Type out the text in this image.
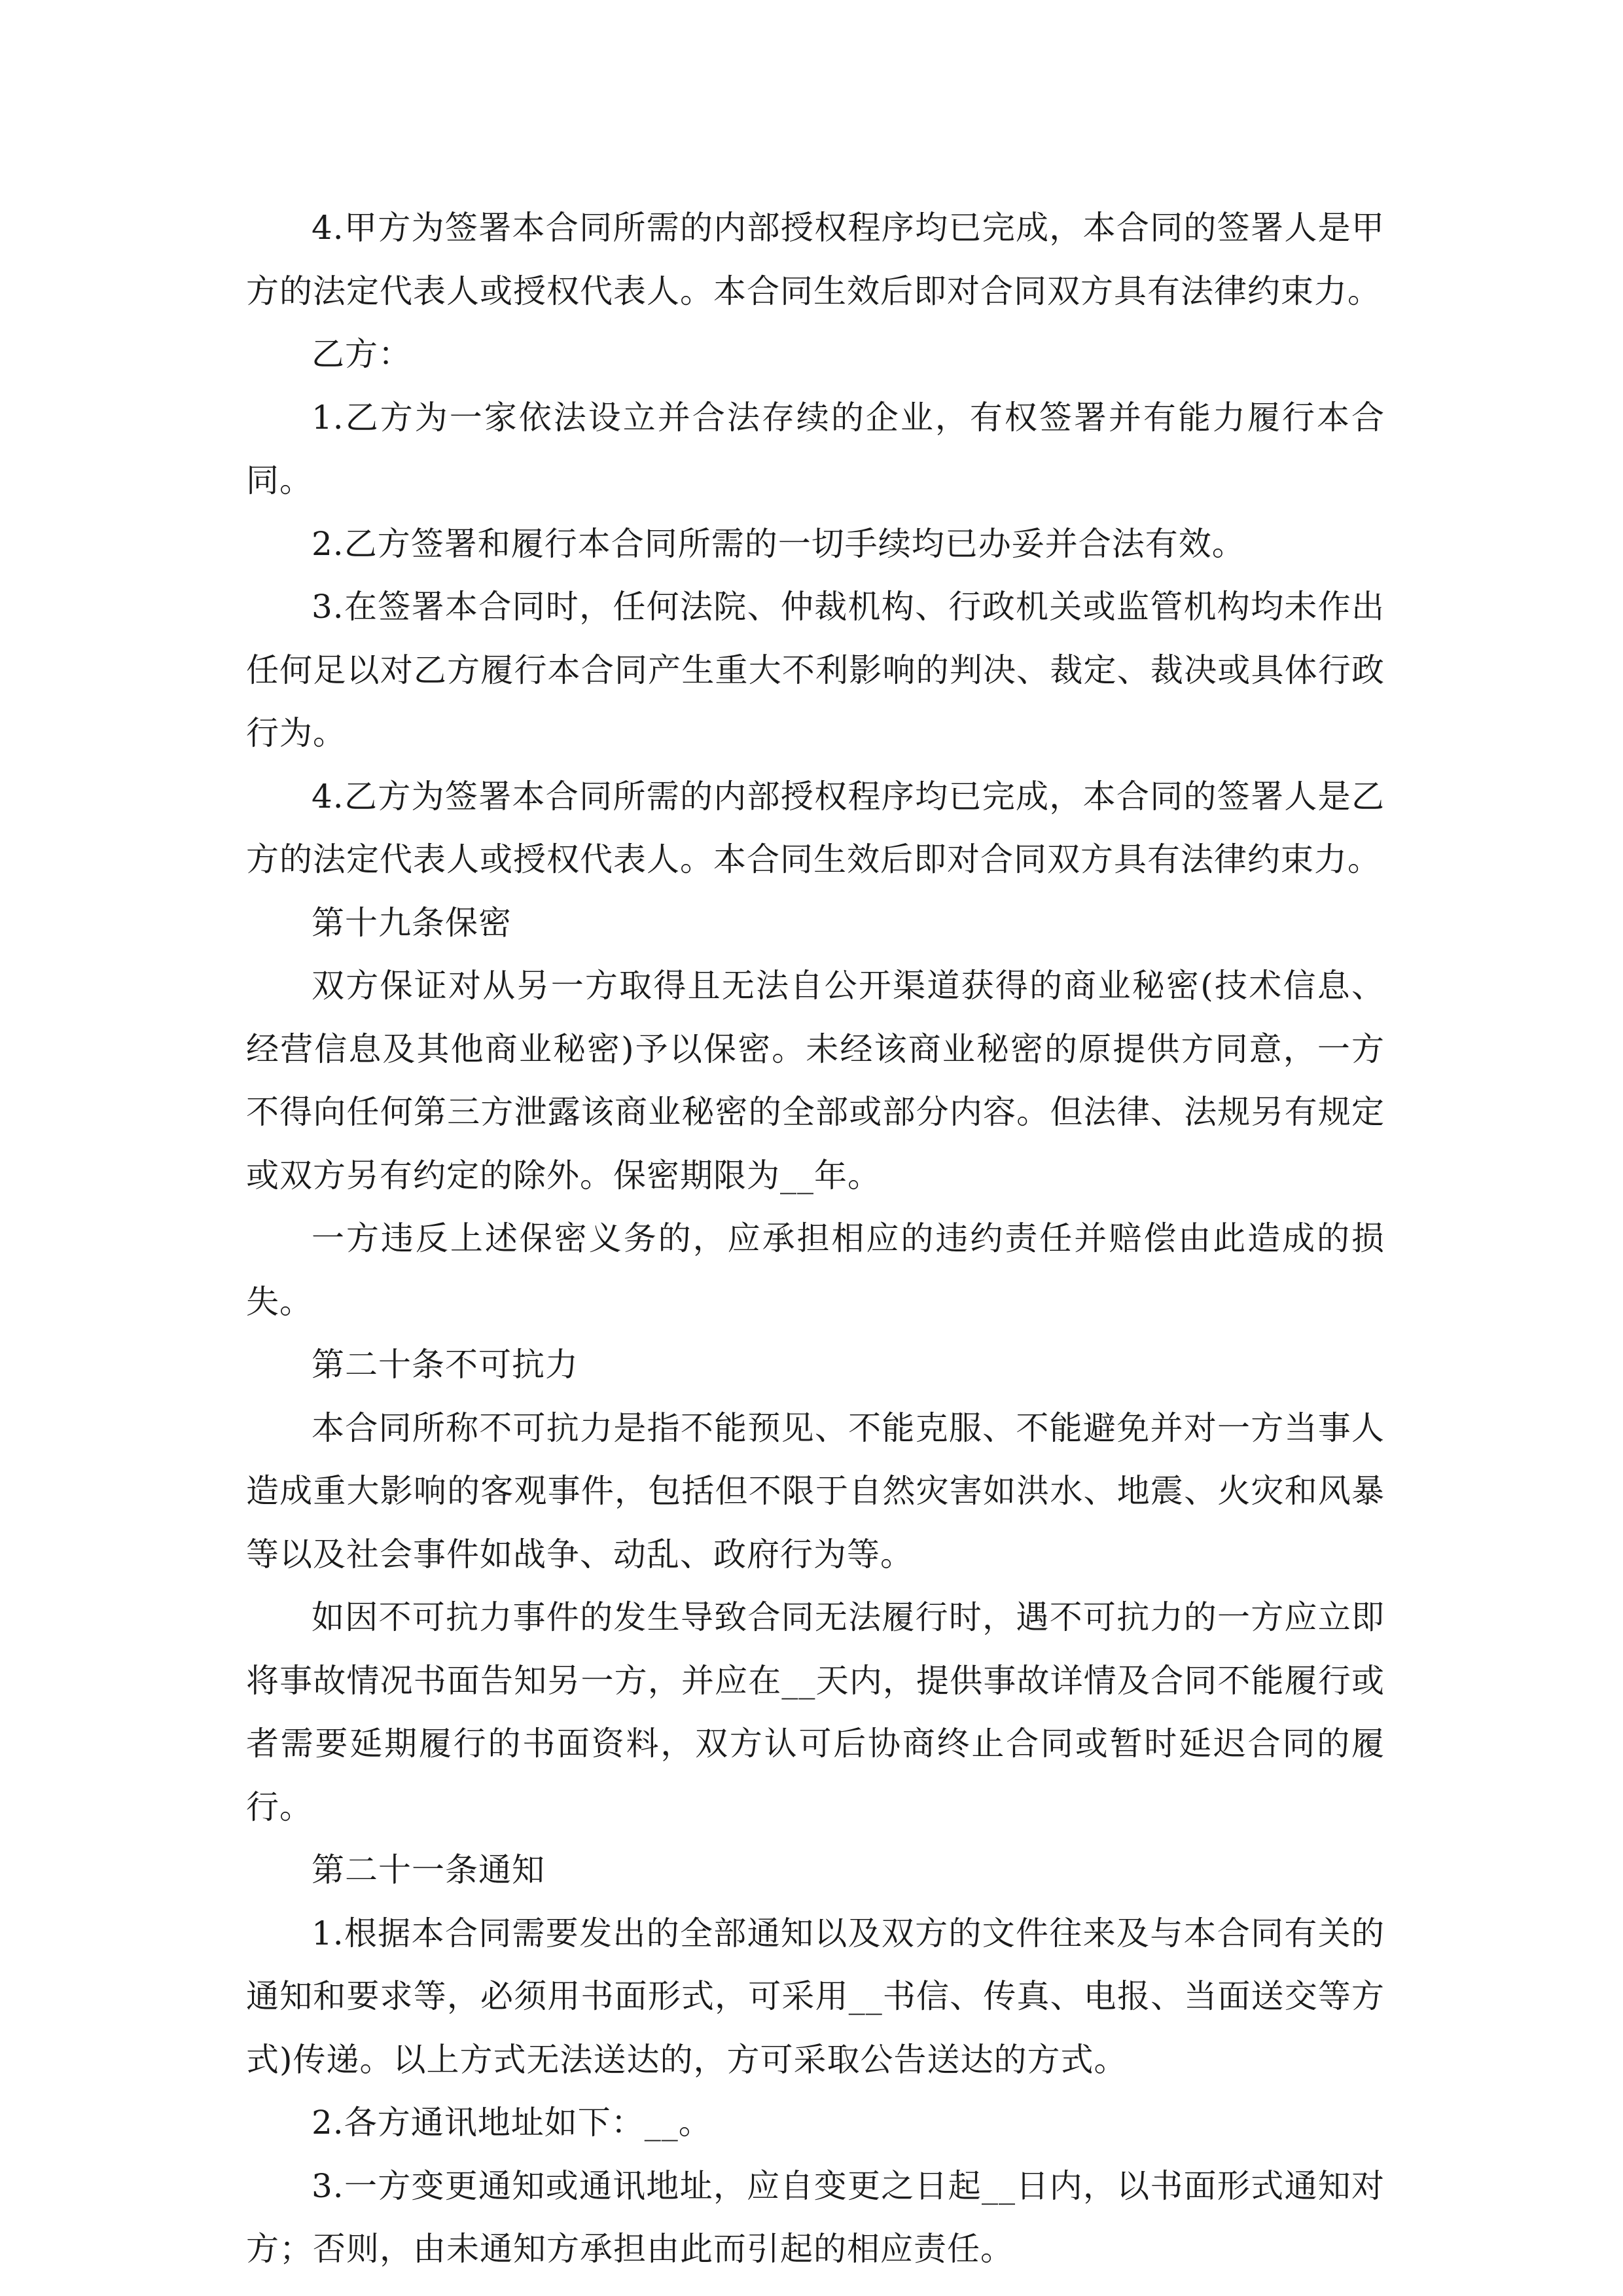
4.甲方为签署本合同所需的内部授权程序均已完成，本合同的签署人是甲方的法定代表人或授权代表人。本合同生效后即对合同双方具有法律约束力。

乙方：

1.乙方为一家依法设立并合法存续的企业，有权签署并有能力履行本合同。

2.乙方签署和履行本合同所需的一切手续均已办妥并合法有效。

3.在签署本合同时，任何法院、仲裁机构、行政机关或监管机构均未作出任何足以对乙方履行本合同产生重大不利影响的判决、裁定、裁决或具体行政行为。

4.乙方为签署本合同所需的内部授权程序均已完成，本合同的签署人是乙方的法定代表人或授权代表人。本合同生效后即对合同双方具有法律约束力。

第十九条保密

双方保证对从另一方取得且无法自公开渠道获得的商业秘密(技术信息、经营信息及其他商业秘密)予以保密。未经该商业秘密的原提供方同意，一方不得向任何第三方泄露该商业秘密的全部或部分内容。但法律、法规另有规定或双方另有约定的除外。保密期限为__年。

一方违反上述保密义务的，应承担相应的违约责任并赔偿由此造成的损失。

第二十条不可抗力

本合同所称不可抗力是指不能预见、不能克服、不能避免并对一方当事人造成重大影响的客观事件，包括但不限于自然灾害如洪水、地震、火灾和风暴等以及社会事件如战争、动乱、政府行为等。

如因不可抗力事件的发生导致合同无法履行时，遇不可抗力的一方应立即将事故情况书面告知另一方，并应在__天内，提供事故详情及合同不能履行或者需要延期履行的书面资料，双方认可后协商终止合同或暂时延迟合同的履行。

第二十一条通知

1.根据本合同需要发出的全部通知以及双方的文件往来及与本合同有关的通知和要求等，必须用书面形式，可采用__书信、传真、电报、当面送交等方式)传递。以上方式无法送达的，方可采取公告送达的方式。

2.各方通讯地址如下：__。

3.一方变更通知或通讯地址，应自变更之日起__日内，以书面形式通知对方；否则，由未通知方承担由此而引起的相应责任。
